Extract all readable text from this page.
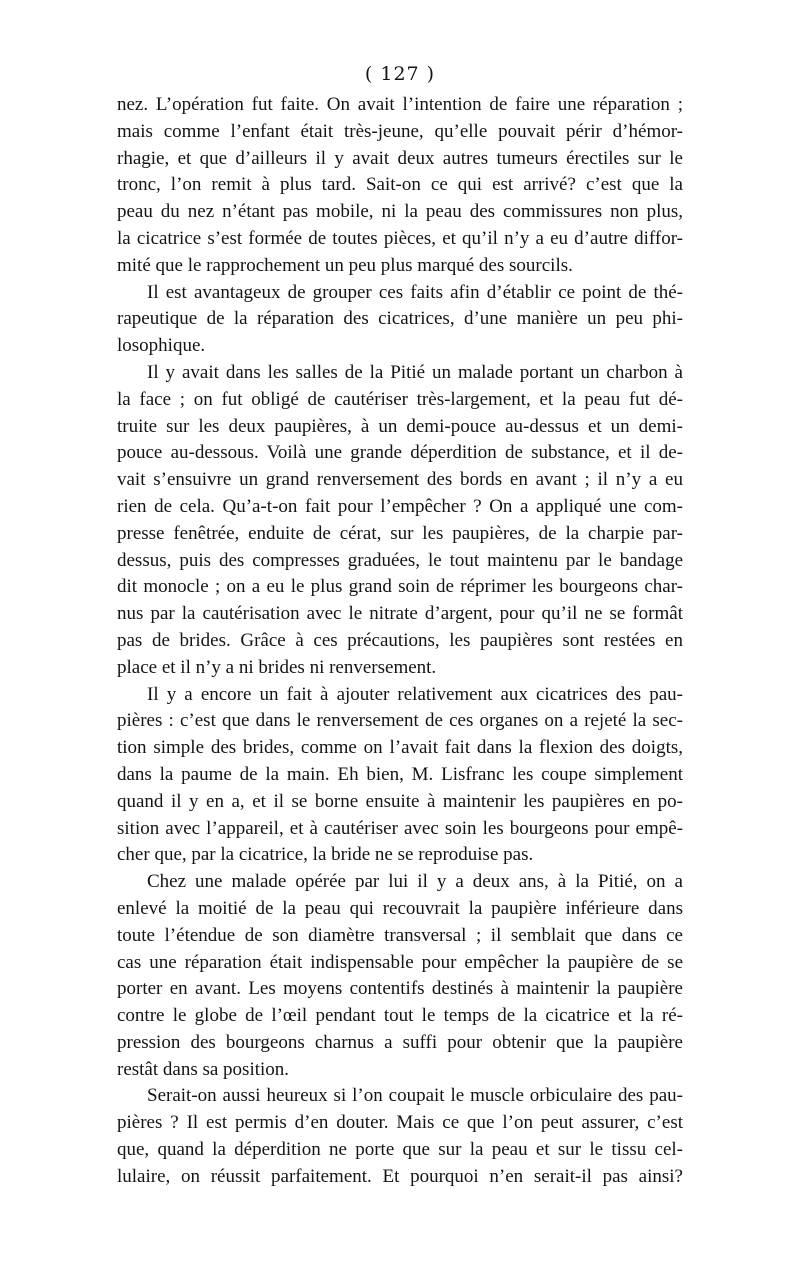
( 127 )
nez. L’opération fut faite. On avait l’intention de faire une réparation ;
mais comme l’enfant était très-jeune, qu’elle pouvait périr d’hémor-
rhagie, et que d’ailleurs il y avait deux autres tumeurs érectiles sur le
tronc, l’on remit à plus tard. Sait-on ce qui est arrivé? c’est que la
peau du nez n’étant pas mobile, ni la peau des commissures non plus,
la cicatrice s’est formée de toutes pièces, et qu’il n’y a eu d’autre diffor-
mité que le rapprochement un peu plus marqué des sourcils.
Il est avantageux de grouper ces faits afin d’établir ce point de thé-
rapeutique de la réparation des cicatrices, d’une manière un peu phi-
losophique.
Il y avait dans les salles de la Pitié un malade portant un charbon à
la face ; on fut obligé de cautériser très-largement, et la peau fut dé-
truite sur les deux paupières, à un demi-pouce au-dessus et un demi-
pouce au-dessous. Voilà une grande déperdition de substance, et il de-
vait s’ensuivre un grand renversement des bords en avant ; il n’y a eu
rien de cela. Qu’a-t-on fait pour l’empêcher ? On a appliqué une com-
presse fenêtrée, enduite de cérat, sur les paupières, de la charpie par-
dessus, puis des compresses graduées, le tout maintenu par le bandage
dit monocle ; on a eu le plus grand soin de réprimer les bourgeons char-
nus par la cautérisation avec le nitrate d’argent, pour qu’il ne se formât
pas de brides. Grâce à ces précautions, les paupières sont restées en
place et il n’y a ni brides ni renversement.
Il y a encore un fait à ajouter relativement aux cicatrices des pau-
pières : c’est que dans le renversement de ces organes on a rejeté la sec-
tion simple des brides, comme on l’avait fait dans la flexion des doigts,
dans la paume de la main. Eh bien, M. Lisfranc les coupe simplement
quand il y en a, et il se borne ensuite à maintenir les paupières en po-
sition avec l’appareil, et à cautériser avec soin les bourgeons pour empê-
cher que, par la cicatrice, la bride ne se reproduise pas.
Chez une malade opérée par lui il y a deux ans, à la Pitié, on a
enlevé la moitié de la peau qui recouvrait la paupière inférieure dans
toute l’étendue de son diamètre transversal ; il semblait que dans ce
cas une réparation était indispensable pour empêcher la paupière de se
porter en avant. Les moyens contentifs destinés à maintenir la paupière
contre le globe de l’œil pendant tout le temps de la cicatrice et la ré-
pression des bourgeons charnus a suffi pour obtenir que la paupière
restât dans sa position.
Serait-on aussi heureux si l’on coupait le muscle orbiculaire des pau-
pières ? Il est permis d’en douter. Mais ce que l’on peut assurer, c’est
que, quand la déperdition ne porte que sur la peau et sur le tissu cel-
lulaire, on réussit parfaitement. Et pourquoi n’en serait-il pas ainsi?
